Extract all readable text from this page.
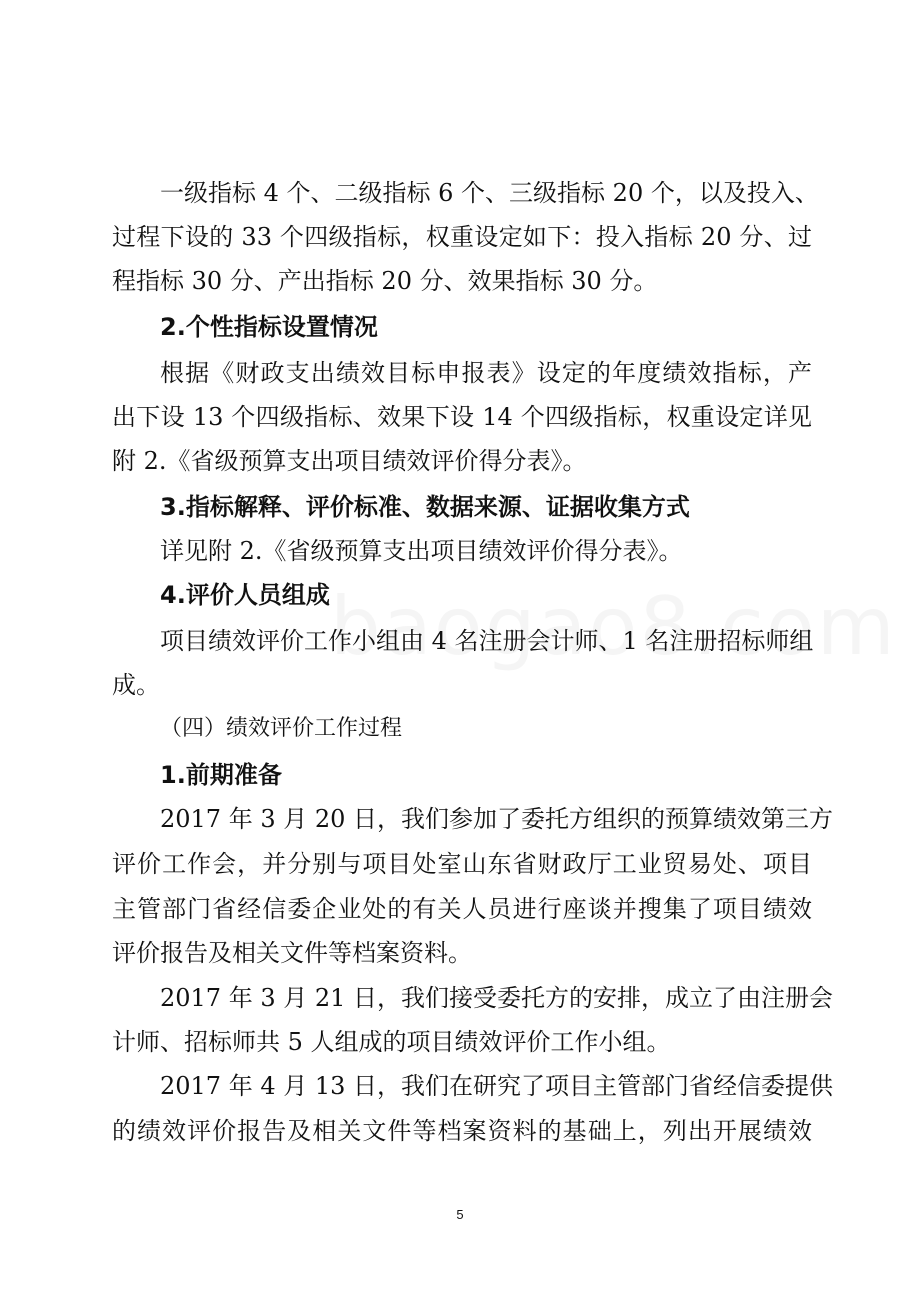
一级指标 4 个、二级指标 6 个、三级指标 20 个，以及投入、
过程下设的 33 个四级指标，权重设定如下：投入指标 20 分、过
程指标 30 分、产出指标 20 分、效果指标 30 分。
2.个性指标设置情况
根据《财政支出绩效目标申报表》设定的年度绩效指标，产
出下设 13 个四级指标、效果下设 14 个四级指标，权重设定详见
附 2.《省级预算支出项目绩效评价得分表》。
3.指标解释、评价标准、数据来源、证据收集方式
详见附 2.《省级预算支出项目绩效评价得分表》。
4.评价人员组成
项目绩效评价工作小组由 4 名注册会计师、1 名注册招标师组
成。
（四）绩效评价工作过程
1.前期准备
2017 年 3 月 20 日，我们参加了委托方组织的预算绩效第三方
评价工作会，并分别与项目处室山东省财政厅工业贸易处、项目
主管部门省经信委企业处的有关人员进行座谈并搜集了项目绩效
评价报告及相关文件等档案资料。
2017 年 3 月 21 日，我们接受委托方的安排，成立了由注册会
计师、招标师共 5 人组成的项目绩效评价工作小组。
2017 年 4 月 13 日，我们在研究了项目主管部门省经信委提供
的绩效评价报告及相关文件等档案资料的基础上，列出开展绩效
5
